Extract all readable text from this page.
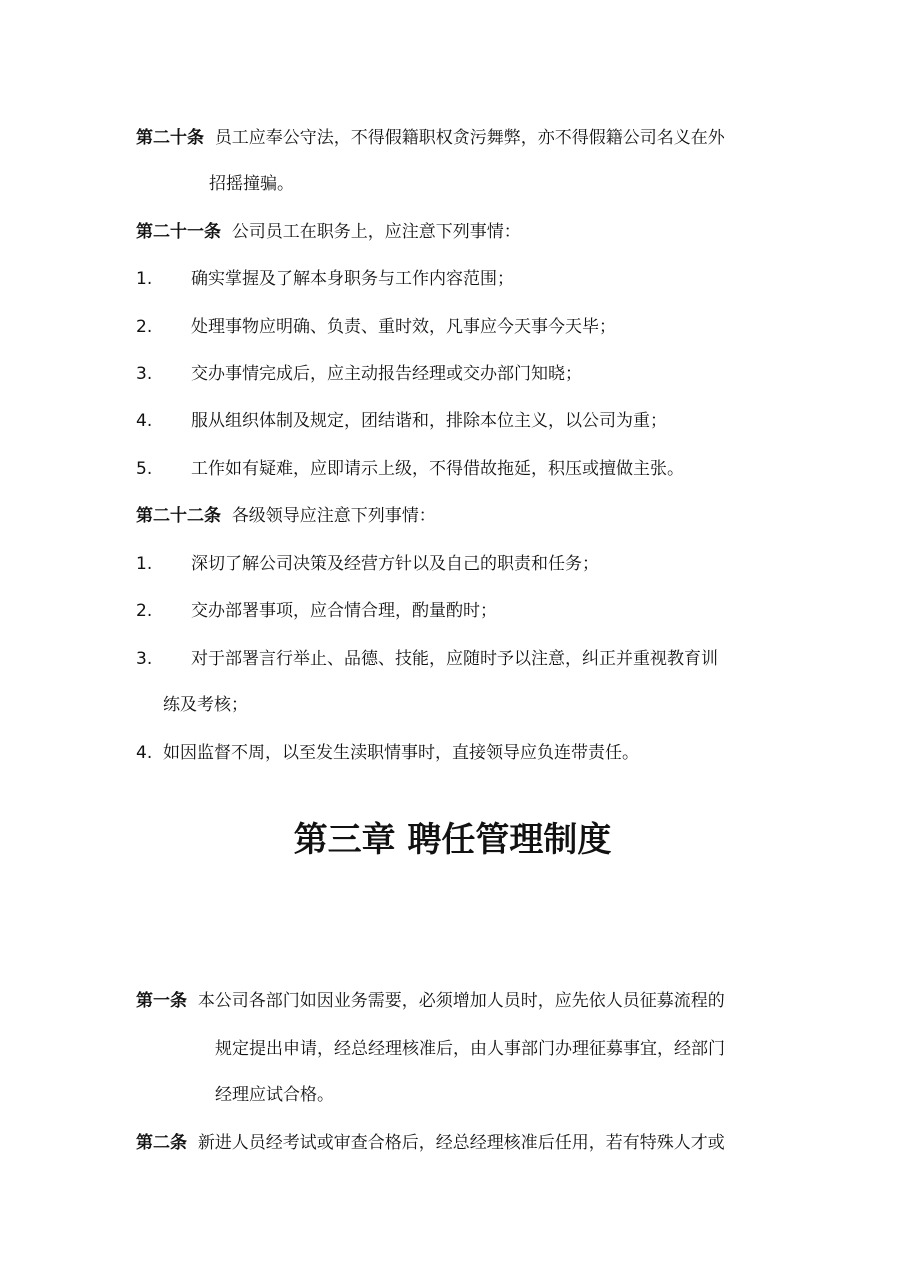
第二十条 员工应奉公守法，不得假籍职权贪污舞弊，亦不得假籍公司名义在外
招摇撞骗。
第二十一条 公司员工在职务上，应注意下列事情：
1. 确实掌握及了解本身职务与工作内容范围；
2. 处理事物应明确、负责、重时效，凡事应今天事今天毕；
3. 交办事情完成后，应主动报告经理或交办部门知晓；
4. 服从组织体制及规定，团结谐和，排除本位主义，以公司为重；
5. 工作如有疑难，应即请示上级，不得借故拖延，积压或擅做主张。
第二十二条 各级领导应注意下列事情：
1. 深切了解公司决策及经营方针以及自己的职责和任务；
2. 交办部署事项，应合情合理，酌量酌时；
3. 对于部署言行举止、品德、技能，应随时予以注意，纠正并重视教育训
练及考核；
4. 如因监督不周，以至发生渎职情事时，直接领导应负连带责任。
第三章 聘任管理制度
第一条 本公司各部门如因业务需要，必须增加人员时，应先依人员征募流程的
规定提出申请，经总经理核准后，由人事部门办理征募事宜，经部门
经理应试合格。
第二条 新进人员经考试或审查合格后，经总经理核准后任用，若有特殊人才或
